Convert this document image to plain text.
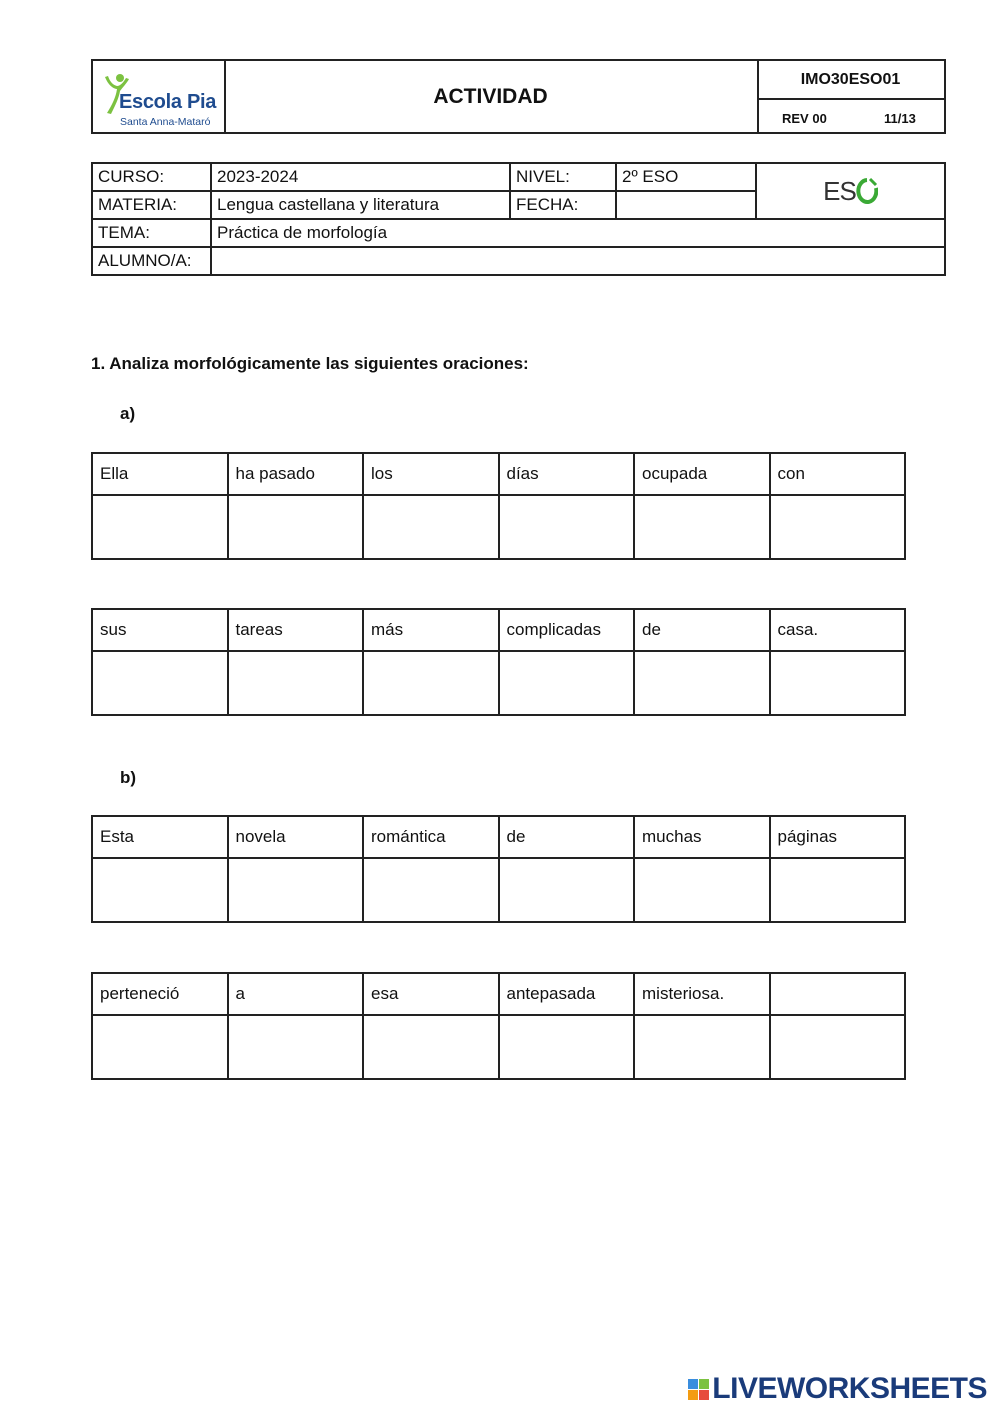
Escola Pia
Santa Anna-Mataró
ACTIVIDAD
IMO30ESO01
REV 00	11/13
CURSO:	2023-2024	NIVEL:	2º ESO	ES
MATERIA:	Lengua castellana y literatura	FECHA:		
TEMA:	Práctica de morfología			
ALUMNO/A:				
1. Analiza morfológicamente las siguientes oraciones:
a)
Ella	ha pasado	los	días	ocupada	con

sus	tareas	más	complicadas	de	casa.

b)
Esta	novela	romántica	de	muchas	páginas

perteneció	a	esa	antepasada	misteriosa.	

LIVEWORKSHEETS
